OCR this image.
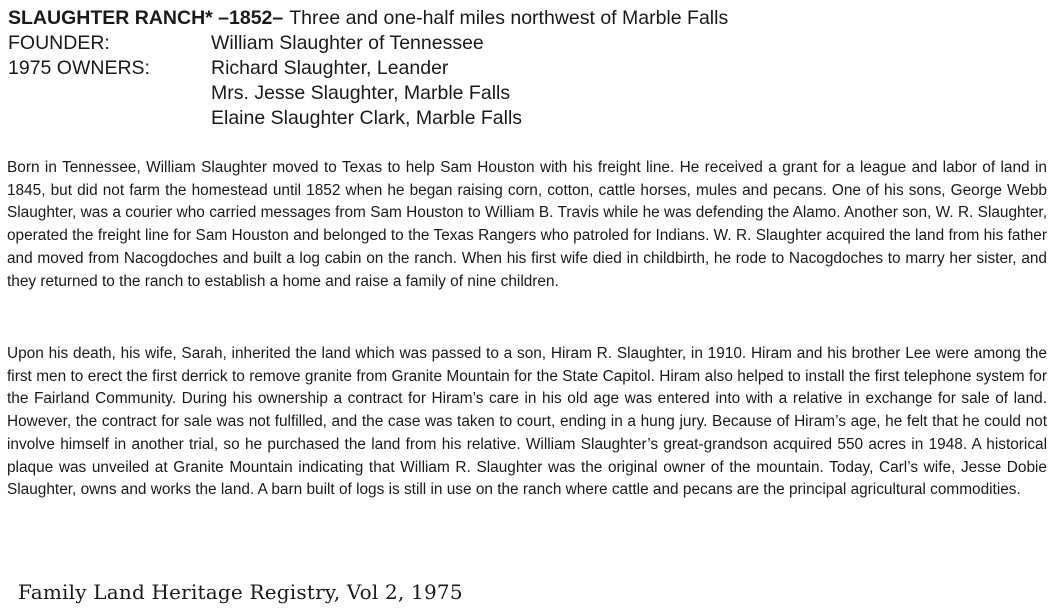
SLAUGHTER RANCH* –1852– Three and one-half miles northwest of Marble Falls
FOUNDER:	William Slaughter of Tennessee
1975 OWNERS:	Richard Slaughter, Leander
Mrs. Jesse Slaughter, Marble Falls
Elaine Slaughter Clark, Marble Falls

Born in Tennessee, William Slaughter moved to Texas to help Sam Houston with his freight line. He received a grant for a league and labor of land in 1845, but did not farm the homestead until 1852 when he began raising corn, cotton, cattle horses, mules and pecans. One of his sons, George Webb Slaughter, was a courier who carried messages from Sam Houston to William B. Travis while he was defending the Alamo. Another son, W. R. Slaughter, operated the freight line for Sam Houston and belonged to the Texas Rangers who patroled for Indians. W. R. Slaughter acquired the land from his father and moved from Nacogdoches and built a log cabin on the ranch. When his first wife died in childbirth, he rode to Nacogdoches to marry her sister, and they returned to the ranch to establish a home and raise a family of nine children.

Upon his death, his wife, Sarah, inherited the land which was passed to a son, Hiram R. Slaughter, in 1910. Hiram and his brother Lee were among the first men to erect the first derrick to remove granite from Granite Mountain for the State Capitol. Hiram also helped to install the first telephone system for the Fairland Community. During his ownership a contract for Hiram’s care in his old age was entered into with a relative in exchange for sale of land. However, the contract for sale was not fulfilled, and the case was taken to court, ending in a hung jury. Because of Hiram’s age, he felt that he could not involve himself in another trial, so he purchased the land from his relative. William Slaughter’s great-grandson acquired 550 acres in 1948. A historical plaque was unveiled at Granite Mountain indicating that William R. Slaughter was the original owner of the mountain. Today, Carl’s wife, Jesse Dobie Slaughter, owns and works the land. A barn built of logs is still in use on the ranch where cattle and pecans are the principal agricultural commodities.

Family Land Heritage Registry, Vol 2, 1975
